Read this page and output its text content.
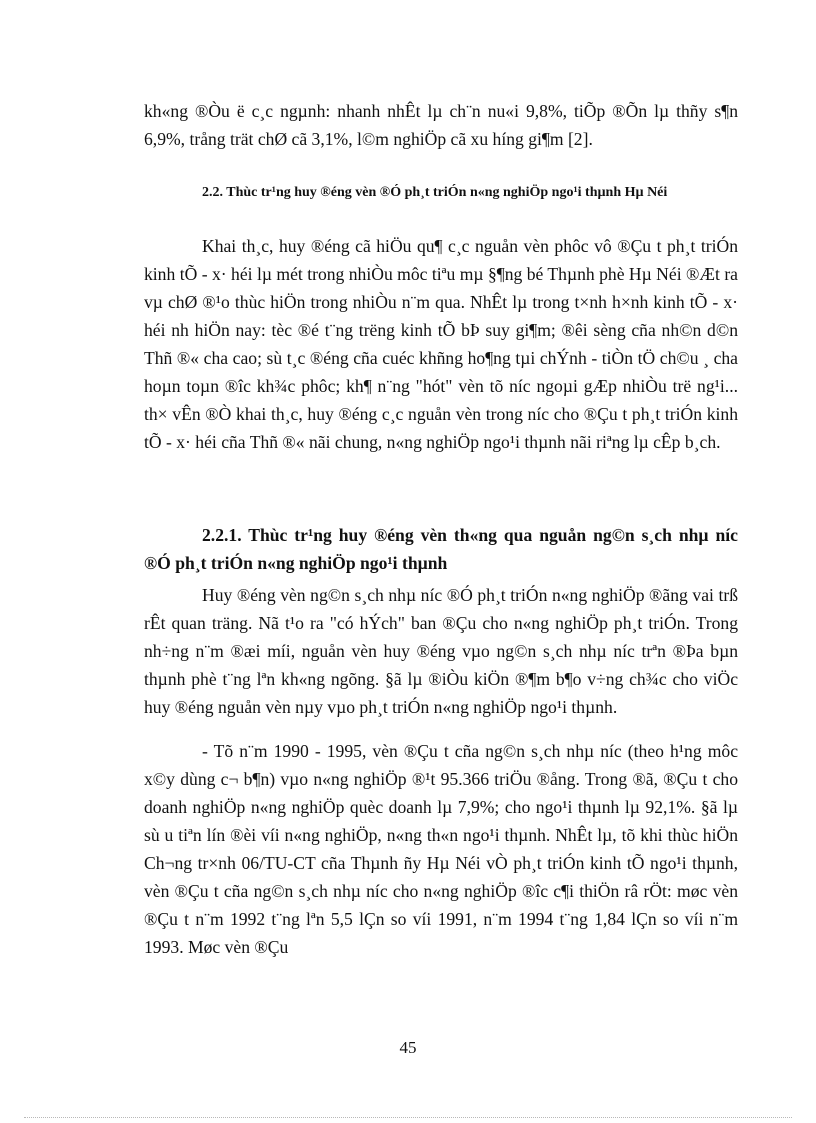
kh«ng ®Òu ë c¸c ngµnh: nhanh nhÊt lµ ch¨n nu«i 9,8%, tiÕp ®Õn lµ thñy s¶n 6,9%, trång trät chØ cã 3,1%, l©m nghiÖp cã xu híng gi¶m [2].

2.2. Thùc tr¹ng huy ®éng vèn ®Ó ph¸t triÓn n«ng nghiÖp ngo¹i thµnh Hµ Néi

Khai th¸c, huy ®éng cã hiÖu qu¶ c¸c nguån vèn phôc vô ®Çu t ph¸t triÓn kinh tÕ - x· héi lµ mét trong nhiÒu môc tiªu mµ §¶ng bé Thµnh phè Hµ Néi ®Æt ra vµ chØ ®¹o thùc hiÖn trong nhiÒu n¨m qua. NhÊt lµ trong t×nh h×nh kinh tÕ - x· héi nh hiÖn nay: tèc ®é t¨ng trëng kinh tÕ bÞ suy gi¶m; ®êi sèng cña nh©n d©n Thñ ®« cha cao; sù t¸c ®éng cña cuéc khñng ho¶ng tµi chÝnh - tiÒn tÖ ch©u ¸ cha hoµn toµn ®îc kh¾c phôc; kh¶ n¨ng "hót" vèn tõ níc ngoµi gÆp nhiÒu trë ng¹i... th× vÊn ®Ò khai th¸c, huy ®éng c¸c nguån vèn trong níc cho ®Çu t ph¸t triÓn kinh tÕ - x· héi cña Thñ ®« nãi chung, n«ng nghiÖp ngo¹i thµnh nãi riªng lµ cÊp b¸ch.

2.2.1. Thùc tr¹ng huy ®éng vèn th«ng qua nguån ng©n s¸ch nhµ níc ®Ó ph¸t triÓn n«ng nghiÖp ngo¹i thµnh

Huy ®éng vèn ng©n s¸ch nhµ níc ®Ó ph¸t triÓn n«ng nghiÖp ®ãng vai trß rÊt quan träng. Nã t¹o ra "có hÝch" ban ®Çu cho n«ng nghiÖp ph¸t triÓn. Trong nh÷ng n¨m ®æi míi, nguån vèn huy ®éng vµo ng©n s¸ch nhµ níc trªn ®Þa bµn thµnh phè t¨ng lªn kh«ng ngõng. §ã lµ ®iÒu kiÖn ®¶m b¶o v÷ng ch¾c cho viÖc huy ®éng nguån vèn nµy vµo ph¸t triÓn n«ng nghiÖp ngo¹i thµnh.

- Tõ n¨m 1990 - 1995, vèn ®Çu t cña ng©n s¸ch nhµ níc (theo h¹ng môc x©y dùng c¬ b¶n) vµo n«ng nghiÖp ®¹t 95.366 triÖu ®ång. Trong ®ã, ®Çu t cho doanh nghiÖp n«ng nghiÖp quèc doanh lµ 7,9%; cho ngo¹i thµnh lµ 92,1%. §ã lµ sù u tiªn lín ®èi víi n«ng nghiÖp, n«ng th«n ngo¹i thµnh. NhÊt lµ, tõ khi thùc hiÖn Ch¬ng tr×nh 06/TU-CT cña Thµnh ñy Hµ Néi vÒ ph¸t triÓn kinh tÕ ngo¹i thµnh, vèn ®Çu t cña ng©n s¸ch nhµ níc cho n«ng nghiÖp ®îc c¶i thiÖn râ rÖt: møc vèn ®Çu t n¨m 1992 t¨ng lªn 5,5 lÇn so víi 1991, n¨m 1994 t¨ng 1,84 lÇn so víi n¨m 1993. Møc vèn ®Çu

45
